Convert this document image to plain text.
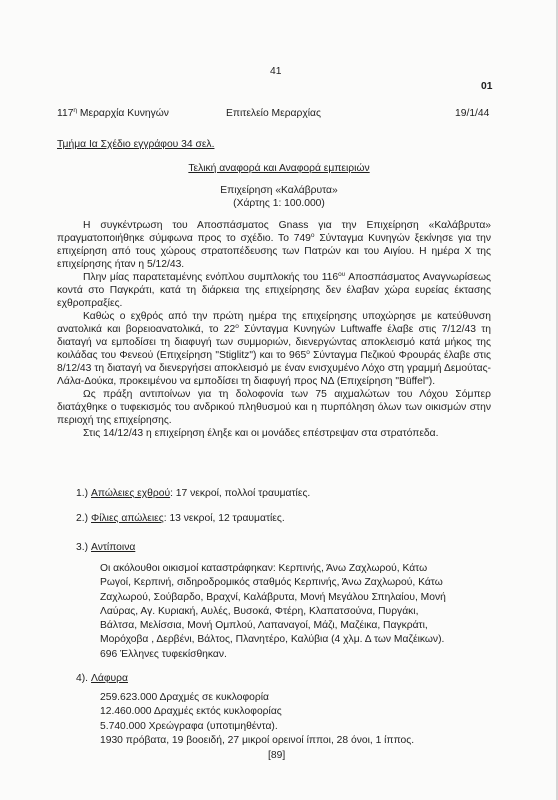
41
01
$117^\eta$ Μεραρχία Κυνηγών	Επιτελείο Μεραρχίας	19/1/44
Τμήμα Ια Σχέδιο εγγράφου 34 σελ.
Τελική αναφορά και Αναφορά εμπειριών
Επιχείρηση «Καλάβρυτα»
(Χάρτης 1: 100.000)

Η συγκέντρωση του Αποσπάσματος Gnass για την Επιχείρηση «Καλάβρυτα» πραγματοποιήθηκε σύμφωνα προς το σχέδιο. Το $749^o$ Σύνταγμα Κυνηγών ξεκίνησε για την επιχείρηση από τους χώρους στρατοπέδευσης των Πατρών και του Αιγίου. Η ημέρα Χ της επιχείρησης ήταν η 5/12/43.

Πλην μίας παρατεταμένης ενόπλου συμπλοκής του $116^{o\upsilon}$ Αποσπάσματος Αναγνωρίσεως κοντά στο Παγκράτι, κατά τη διάρκεια της επιχείρησης δεν έλαβαν χώρα ευρείας έκτασης εχθροπραξίες.

Καθώς ο εχθρός από την πρώτη ημέρα της επιχείρησης υποχώρησε με κατεύθυνση ανατολικά και βορειοανατολικά, το $22^o$ Σύνταγμα Κυνηγών Luftwaffe έλαβε στις 7/12/43 τη διαταγή να εμποδίσει τη διαφυγή των συμμοριών, διενεργώντας αποκλεισμό κατά μήκος της κοιλάδας του Φενεού (Επιχείρηση "Stiglitz") και το $965^o$ Σύνταγμα Πεζικού Φρουράς έλαβε στις 8/12/43 τη διαταγή να διενεργήσει αποκλεισμό με έναν ενισχυμένο Λόχο στη γραμμή Δεμούτας-Λάλα-Δούκα, προκειμένου να εμποδίσει τη διαφυγή προς ΝΔ (Επιχείρηση "Büffel").

Ως πράξη αντιποίνων για τη δολοφονία των 75 αιχμαλώτων του Λόχου Σόμπερ διατάχθηκε ο τυφεκισμός του ανδρικού πληθυσμού και η πυρπόληση όλων των οικισμών στην περιοχή της επιχείρησης.

Στις 14/12/43 η επιχείρηση έληξε και οι μονάδες επέστρεψαν στα στρατόπεδα.

1.) Απώλειες εχθρού: 17 νεκροί, πολλοί τραυματίες.
2.) Φίλιες απώλειες: 13 νεκροί, 12 τραυματίες.
3.) Αντίποινα
Οι ακόλουθοι οικισμοί καταστράφηκαν: Κερπινής, Άνω Ζαχλωρού, Κάτω
Ρωγοί, Κερπινή, σιδηροδρομικός σταθμός Κερπινής, Άνω Ζαχλωρού, Κάτω
Ζαχλωρού, Σούβαρδο, Βραχνί, Καλάβρυτα, Μονή Μεγάλου Σπηλαίου, Μονή
Λαύρας, Αγ. Κυριακή, Αυλές, Βυσοκά, Φτέρη, Κλαπατσούνα, Πυργάκι,
Βάλτσα, Μελίσσια, Μονή Ομπλού, Λαπαναγοί, Μάζι, Μαζέικα, Παγκράτι,
Μορόχοβα , Δερβένι, Βάλτος, Πλανητέρο, Καλύβια (4 χλμ. Δ των Μαζέικων).
696 Έλληνες τυφεκίσθηκαν.
4). Λάφυρα
259.623.000 Δραχμές σε κυκλοφορία
12.460.000 Δραχμές εκτός κυκλοφορίας
5.740.000 Χρεώγραφα (υποτιμηθέντα).
1930 πρόβατα, 19 βοοειδή, 27 μικροί ορεινοί ίπποι, 28 όνοι, 1 ίππος.
[89]
